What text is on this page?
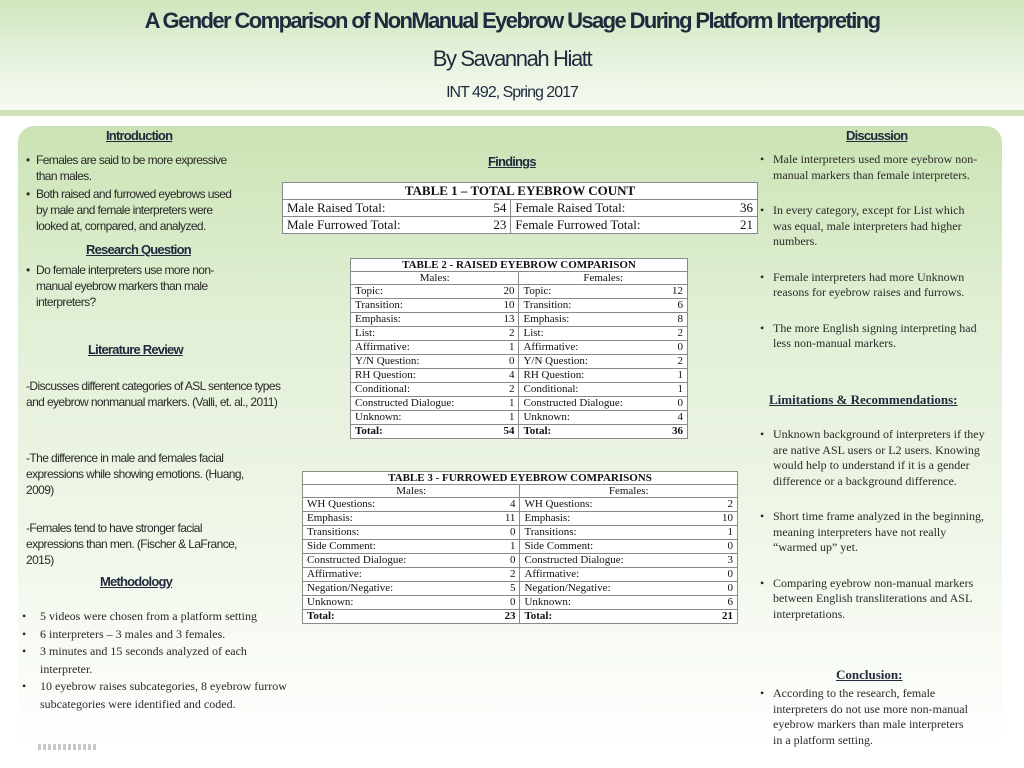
A Gender Comparison of NonManual Eyebrow Usage During Platform Interpreting
By Savannah Hiatt
INT 492, Spring 2017
Introduction
• Females are said to be more expressive than males.
• Both raised and furrowed eyebrows used by male and female interpreters were looked at, compared, and analyzed.
Research Question
• Do female interpreters use more non-manual eyebrow markers than male interpreters?
Literature Review
-Discusses different categories of ASL sentence types and eyebrow nonmanual markers. (Valli, et. al., 2011)
-The difference in male and females facial expressions while showing emotions. (Huang, 2009)
-Females tend to have stronger facial expressions than men. (Fischer & LaFrance, 2015)
Methodology
• 5 videos were chosen from a platform setting
• 6 interpreters – 3 males and 3 females.
• 3 minutes and 15 seconds analyzed of each interpreter.
• 10 eyebrow raises subcategories, 8 eyebrow furrow subcategories were identified and coded.
Findings
TABLE 1 – TOTAL EYEBROW COUNT			
Male Raised Total:	54	Female Raised Total:	36
Male Furrowed Total:	23	Female Furrowed Total:	21
TABLE 2 - RAISED EYEBROW COMPARISON			
Males:		Females:	
Topic:	20	Topic:	12
Transition:	10	Transition:	6
Emphasis:	13	Emphasis:	8
List:	2	List:	2
Affirmative:	1	Affirmative:	0
Y/N Question:	0	Y/N Question:	2
RH Question:	4	RH Question:	1
Conditional:	2	Conditional:	1
Constructed Dialogue:	1	Constructed Dialogue:	0
Unknown:	1	Unknown:	4
Total:	54	Total:	36
TABLE 3 - FURROWED EYEBROW COMPARISONS			
Males:		Females:	
WH Questions:	4	WH Questions:	2
Emphasis:	11	Emphasis:	10
Transitions:	0	Transitions:	1
Side Comment:	1	Side Comment:	0
Constructed Dialogue:	0	Constructed Dialogue:	3
Affirmative:	2	Affirmative:	0
Negation/Negative:	5	Negation/Negative:	0
Unknown:	0	Unknown:	6
Total:	23	Total:	21
Discussion
• Male interpreters used more eyebrow non-manual markers than female interpreters.
• In every category, except for List which was equal, male interpreters had higher numbers.
• Female interpreters had more Unknown reasons for eyebrow raises and furrows.
• The more English signing interpreting had less non-manual markers.
Limitations & Recommendations:
• Unknown background of interpreters if they are native ASL users or L2 users. Knowing would help to understand if it is a gender difference or a background difference.
• Short time frame analyzed in the beginning, meaning interpreters have not really “warmed up” yet.
• Comparing eyebrow non-manual markers between English transliterations and ASL interpretations.
Conclusion:
• According to the research, female interpreters do not use more non-manual eyebrow markers than male interpreters in a platform setting.
